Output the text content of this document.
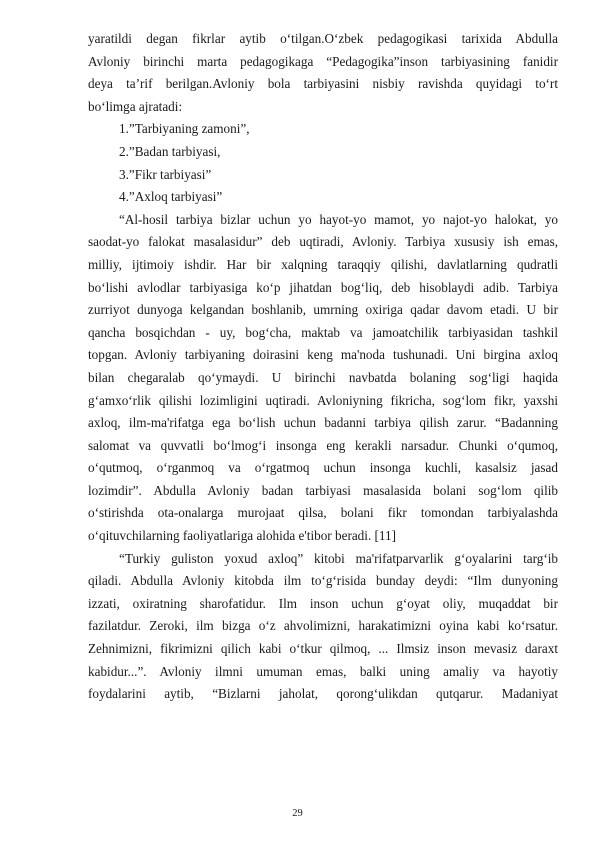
yaratildi degan fikrlar aytib o‘tilgan.O‘zbek pedagogikasi tarixida Abdulla
Avloniy birinchi marta pedagogikaga “Pedagogika”inson tarbiyasining fanidir
deya ta’rif berilgan.Avloniy bola tarbiyasini nisbiy ravishda quyidagi to‘rt
bo‘limga ajratadi:
1.”Tarbiyaning zamoni”,
2.”Badan tarbiyasi,
3.”Fikr tarbiyasi”
4.”Axloq tarbiyasi”
“Al-hosil tarbiya bizlar uchun yo hayot-yo mamot, yo najot-yo halokat, yo
saodat-yo falokat masalasidur” deb uqtiradi, Avloniy. Tarbiya xususiy ish emas,
milliy, ijtimoiy ishdir. Har bir xalqning taraqqiy qilishi, davlatlarning qudratli
bo‘lishi avlodlar tarbiyasiga ko‘p jihatdan bog‘liq, deb hisoblaydi adib. Tarbiya
zurriyot dunyoga kelgandan boshlanib, umrning oxiriga qadar davom etadi. U bir
qancha bosqichdan - uy, bog‘cha, maktab va jamoatchilik tarbiyasidan tashkil
topgan. Avloniy tarbiyaning doirasini keng ma'noda tushunadi. Uni birgina axloq
bilan chegaralab qo‘ymaydi. U birinchi navbatda bolaning sog‘ligi haqida
g‘amxo‘rlik qilishi lozimligini uqtiradi. Avloniyning fikricha, sog‘lom fikr, yaxshi
axloq, ilm-ma'rifatga ega bo‘lish uchun badanni tarbiya qilish zarur. “Badanning
salomat va quvvatli bo‘lmog‘i insonga eng kerakli narsadur. Chunki o‘qumoq,
o‘qutmoq, o‘rganmoq va o‘rgatmoq uchun insonga kuchli, kasalsiz jasad
lozimdir”. Abdulla Avloniy badan tarbiyasi masalasida bolani sog‘lom qilib
o‘stirishda ota-onalarga murojaat qilsa, bolani fikr tomondan tarbiyalashda
o‘qituvchilarning faoliyatlariga alohida e'tibor beradi. [11]
“Turkiy guliston yoxud axloq” kitobi ma'rifatparvarlik g‘oyalarini targ‘ib
qiladi. Abdulla Avloniy kitobda ilm to‘g‘risida bunday deydi: “Ilm dunyoning
izzati, oxiratning sharofatidur. Ilm inson uchun g‘oyat oliy, muqaddat bir
fazilatdur. Zeroki, ilm bizga o‘z ahvolimizni, harakatimizni oyina kabi ko‘rsatur.
Zehnimizni, fikrimizni qilich kabi o‘tkur qilmoq, ... Ilmsiz inson mevasiz daraxt
kabidur...”. Avloniy ilmni umuman emas, balki uning amaliy va hayotiy
foydalarini aytib, “Bizlarni jaholat, qorong‘ulikdan qutqarur. Madaniyat
29
